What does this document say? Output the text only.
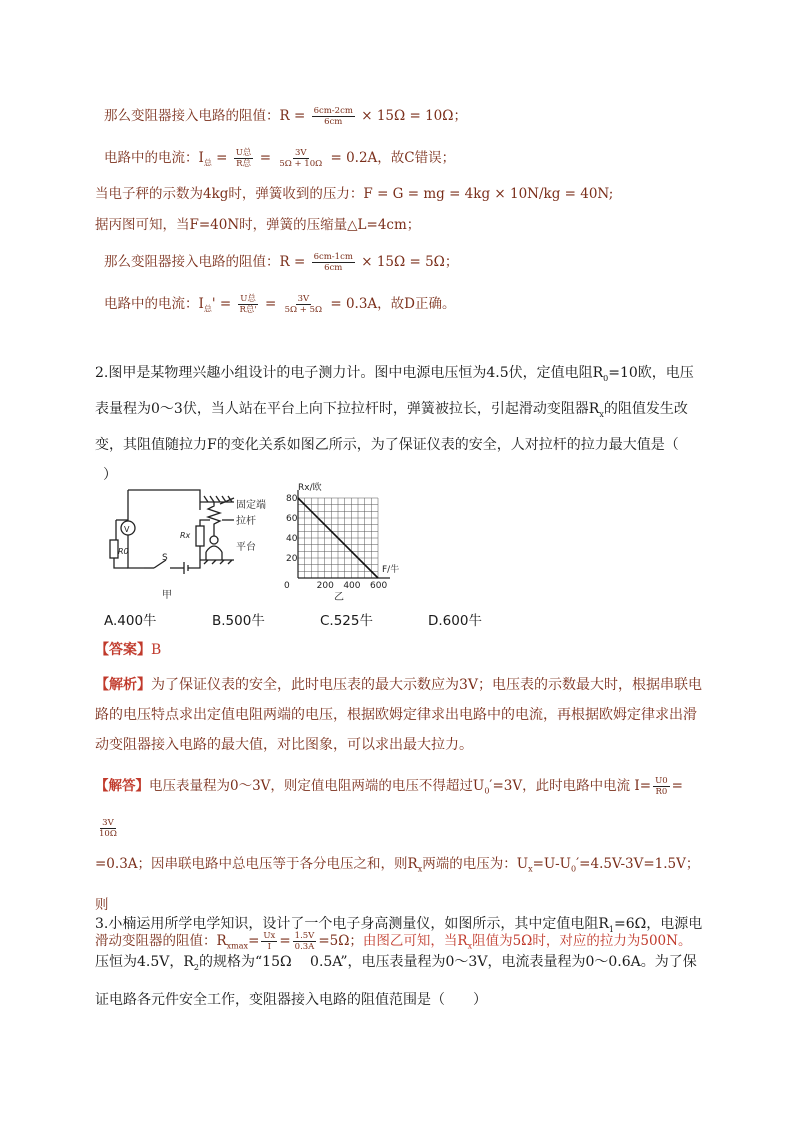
那么变阻器接入电路的阻值：$R = \frac{6cm-2cm}{6cm} \times 15\Omega = 10\Omega$；
电路中的电流：$I_总 = \frac{\text{U总}}{\text{R总}} = \frac{3V}{5\Omega + 10\Omega} = 0.2A$，故C错误；
当电子秤的示数为4kg时，弹簧收到的压力：F = G = mg = 4kg × 10N/kg = 40N;
据丙图可知，当F=40N时，弹簧的压缩量△L=4cm；
那么变阻器接入电路的阻值：$R = \frac{6cm-1cm}{6cm} \times 15\Omega = 5\Omega$；
电路中的电流：$I_总' = \frac{\text{U总}}{\text{R总'}} = \frac{3V}{5\Omega + 5\Omega} = 0.3A$，故D正确。
2.图甲是某物理兴趣小组设计的电子测力计。图中电源电压恒为4.5伏，定值电阻$R_0=10$欧，电压表量程为0～3伏，当人站在平台上向下拉拉杆时，弹簧被拉长，引起滑动变阻器$R_x$的阻值发生改变，其阻值随拉力F的变化关系如图乙所示，为了保证仪表的安全，人对拉杆的拉力最大值是（
）
V
R0
Rx
S
固定端
拉杆
平台
甲
0	200 400 600
20
40
60
80
Rx/欧
F/牛
乙
A.400牛	B.500牛	C.525牛	D.600牛
【答案】B
【解析】为了保证仪表的安全，此时电压表的最大示数应为3V；电压表的示数最大时，根据串联电路的电压特点求出定值电阻两端的电压，根据欧姆定律求出电路中的电流，再根据欧姆定律求出滑动变阻器接入电路的最大值，对比图象，可以求出最大拉力。
【解答】电压表量程为0～3V，则定值电阻两端的电压不得超过$U_0'=3V$，此时电路中电流 $I= \frac{U0}{R0}$ =
$\frac{3V}{10\Omega}$

=0.3A；因串联电路中总电压等于各分电压之和，则$R_x$两端的电压为：$U_x=U-U_0'=4.5V-3V=1.5V$；则
滑动变阻器的阻值：$R_{xmax}= \frac{Ux}{I} = \frac{1.5V}{0.3A} =5\Omega$；由图乙可知，当$R_x$阻值为5Ω时，对应的拉力为500N。
3.小楠运用所学电学知识，设计了一个电子身高测量仪，如图所示，其中定值电阻$R_1=6\Omega$，电源电压恒为4.5V，$R_2$的规格为“15Ω　 0.5A”，电压表量程为0～3V，电流表量程为0～0.6A。为了保证电路各元件安全工作，变阻器接入电路的阻值范围是（　　）
